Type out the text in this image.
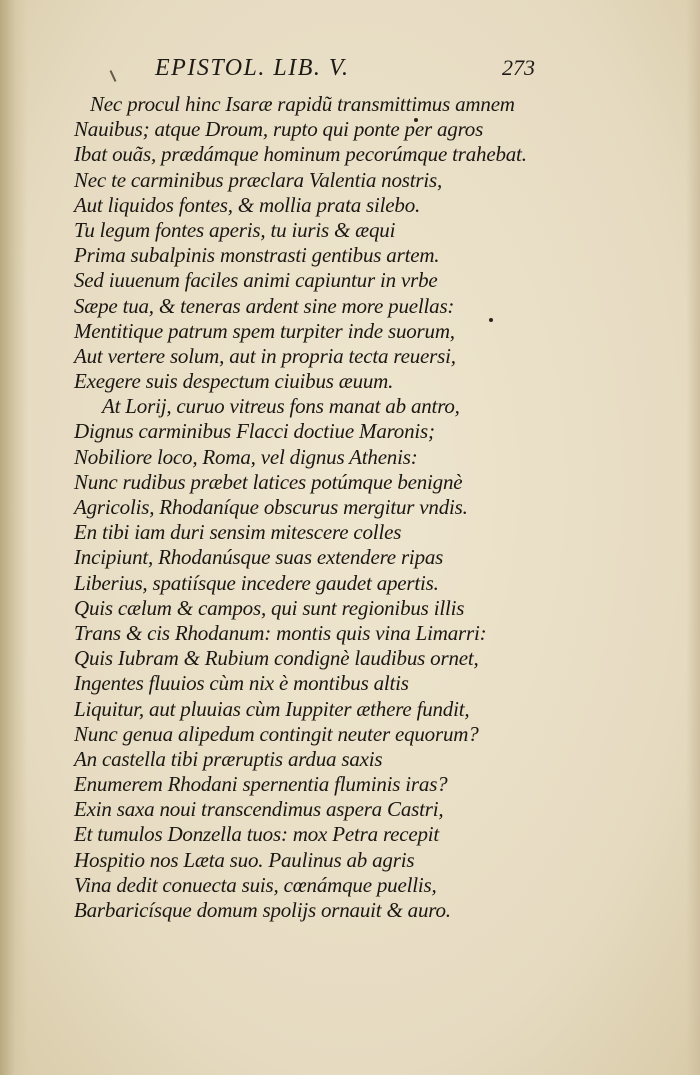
EPISTOL. LIB. V.	273
Nec procul hinc Isaræ rapidũ transmittimus amnem
Nauibus; atque Droum, rupto qui ponte per agros
Ibat ouãs, prædámque hominum pecorúmque trahebat.
Nec te carminibus præclara Valentia nostris,
Aut liquidos fontes, & mollia prata silebo.
Tu legum fontes aperis, tu iuris & æqui
Prima subalpinis monstrasti gentibus artem.
Sed iuuenum faciles animi capiuntur in vrbe
Sæpe tua, & teneras ardent sine more puellas:
Mentitique patrum spem turpiter inde suorum,
Aut vertere solum, aut in propria tecta reuersi,
Exegere suis despectum ciuibus æuum.
At Lorij, curuo vitreus fons manat ab antro,
Dignus carminibus Flacci doctiue Maronis;
Nobiliore loco, Roma, vel dignus Athenis:
Nunc rudibus præbet latices potúmque benignè
Agricolis, Rhodaníque obscurus mergitur vndis.
En tibi iam duri sensim mitescere colles
Incipiunt, Rhodanúsque suas extendere ripas
Liberius, spatiísque incedere gaudet apertis.
Quis cælum & campos, qui sunt regionibus illis
Trans & cis Rhodanum: montis quis vina Limarri:
Quis Iubram & Rubium condignè laudibus ornet,
Ingentes fluuios cùm nix è montibus altis
Liquitur, aut pluuias cùm Iuppiter æthere fundit,
Nunc genua alipedum contingit neuter equorum?
An castella tibi præruptis ardua saxis
Enumerem Rhodani spernentia fluminis iras?
Exin saxa noui transcendimus aspera Castri,
Et tumulos Donzella tuos: mox Petra recepit
Hospitio nos Læta suo. Paulinus ab agris
Vina dedit conuecta suis, cœnámque puellis,
Barbaricísque domum spolijs ornauit & auro.
